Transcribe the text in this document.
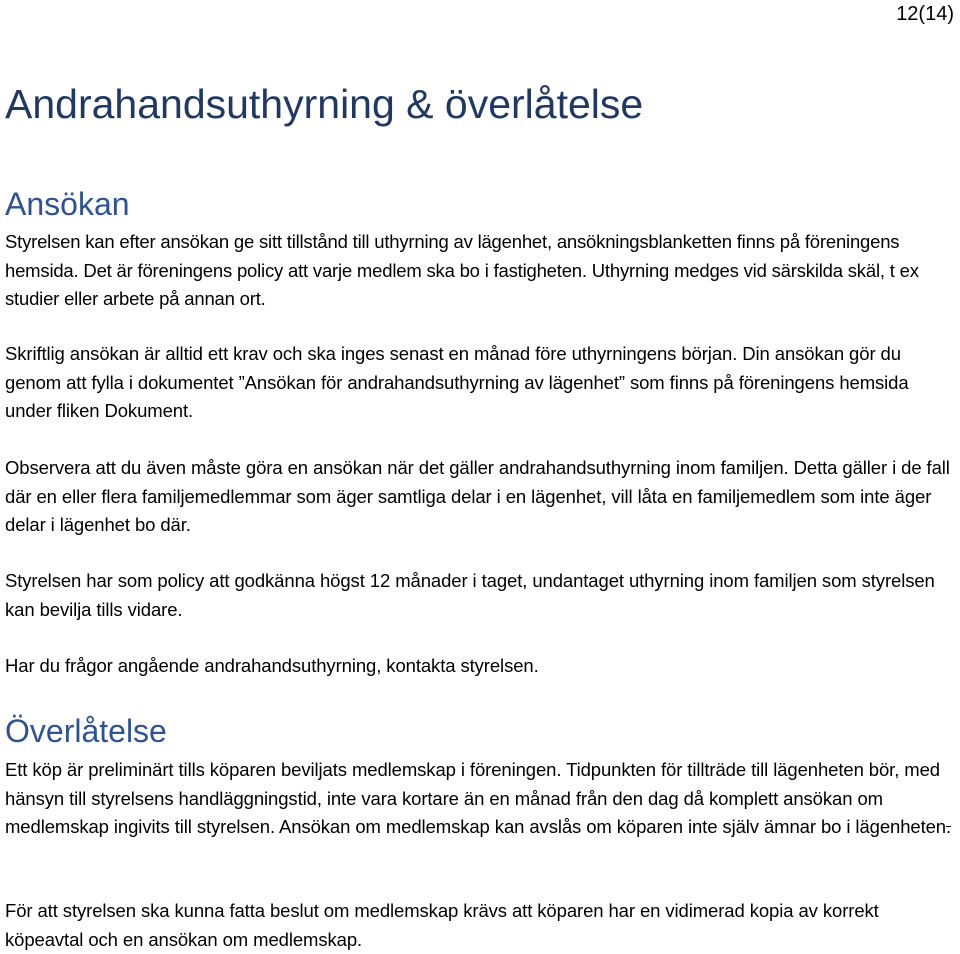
12(14)
Andrahandsuthyrning & överlåtelse
Ansökan

Styrelsen kan efter ansökan ge sitt tillstånd till uthyrning av lägenhet, ansökningsblanketten finns på föreningens hemsida. Det är föreningens policy att varje medlem ska bo i fastigheten. Uthyrning medges vid särskilda skäl, t ex studier eller arbete på annan ort.

Skriftlig ansökan är alltid ett krav och ska inges senast en månad före uthyrningens början. Din ansökan gör du genom att fylla i dokumentet ”Ansökan för andrahandsuthyrning av lägenhet” som finns på föreningens hemsida under fliken Dokument.

Observera att du även måste göra en ansökan när det gäller andrahandsuthyrning inom familjen. Detta gäller i de fall där en eller flera familjemedlemmar som äger samtliga delar i en lägenhet, vill låta en familjemedlem som inte äger delar i lägenhet bo där.

Styrelsen har som policy att godkänna högst 12 månader i taget, undantaget uthyrning inom familjen som styrelsen kan bevilja tills vidare.

Har du frågor angående andrahandsuthyrning, kontakta styrelsen.

Överlåtelse

Ett köp är preliminärt tills köparen beviljats medlemskap i föreningen. Tidpunkten för tillträde till lägenheten bör, med hänsyn till styrelsens handläggningstid, inte vara kortare än en månad från den dag då komplett ansökan om medlemskap ingivits till styrelsen. Ansökan om medlemskap kan avslås om köparen inte själv ämnar bo i lägenheten.

För att styrelsen ska kunna fatta beslut om medlemskap krävs att köparen har en vidimerad kopia av korrekt köpeavtal och en ansökan om medlemskap.
